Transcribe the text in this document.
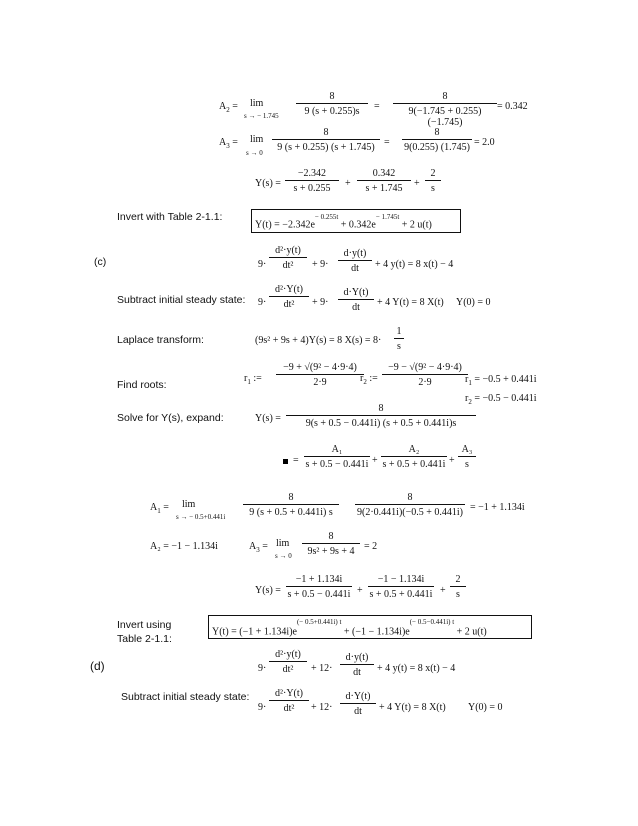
$A_2 = \lim$
s → − $1.745 \frac{8}{9 (s + 0.255)s} = \frac{8}{9(-1.745 + 0.255)(-1.745)} = 0.342$
$A_3 = \lim$
$s \to 0 \frac{8}{9 (s + 0.255) (s + 1.745)} = \frac{8}{9(0.255) (1.745)} = 2.0$
$Y(s) = \frac{-2.342}{s + 0.255} + \frac{0.342}{s + 1.745} + \frac{2}{s}$
Invert with Table 2-1.1:
$Y(t) = -2.342e^{- 0.255t} + 0.342e^{- 1.745t} + 2$ u(t)
(c)	$9\cdot \frac{\text{d²·y(t)}}{\text{dt²}} + 9\cdot \frac{d\cdot y(t)}{dt} + 4$ y(t) = 8 x(t) − 4
Subtract initial steady state: $9\cdot \frac{\text{d²·Y(t)}}{\text{dt²}} + 9\cdot \frac{d\cdot Y(t)}{dt} + 4$ Y(t) = 8 X(t) Y(0) = 0
Laplace transform:	(9s² + 9s + 4)Y(s) = 8 $X(s) = 8\cdot \frac{1}{s}$
Find roots:
$r_1$ := $\frac{\text{−9 + √(9² − 4·9·4)}}{2\cdot 9}$
$r_2$ := $\frac{\text{−9 − √(9² − 4·9·4)}}{2\cdot 9}$
$r_1 = -0.5 + 0.441i$
$r_2 = -0.5 - 0.441i$
Solve for Y(s), expand:	$Y(s) = \frac{8}{9(s + 0.5 - 0.441i) (s + 0.5 + 0.441i)s}$
= $\frac{\text{A₁}}{s + 0.5 - 0.441i} + \frac{\text{A₂}}{s + 0.5 + 0.441i} + \frac{\text{A₃}}{s}$
$A_1 = \lim$
s → − $0.5+0.441i \frac{8}{9 (s + 0.5 + 0.441i) s} \frac{8}{9(2\cdot 0.441i)(-0.5 + 0.441i)} = -1 + 1.134i$
A₂ = −1 − 1.134i	$A_3 = \lim$
$s \to 0 \frac{8}{\text{9s² + 9s + 4}} = 2$
$Y(s) = \frac{-1 + 1.134i}{s + 0.5 - 0.441i} + \frac{-1 - 1.134i}{s + 0.5 + 0.441i} + \frac{2}{s}$
Invert using
Table 2-1.1:
$Y(t) = (-1 + 1.134i)e^{(- 0.5+0.441i) t} + (-1 - 1.134i)e^{(- 0.5-0.441i) t} + 2$ u(t)
(d)	$9\cdot \frac{\text{d²·y(t)}}{\text{dt²}} + 12\cdot \frac{d\cdot y(t)}{dt} + 4$ y(t) = 8 x(t) − 4
Subtract initial steady state:
$9\cdot \frac{\text{d²·Y(t)}}{\text{dt²}} + 12\cdot \frac{d\cdot Y(t)}{dt} + 4$ Y(t) = 8 X(t) Y(0) = 0
